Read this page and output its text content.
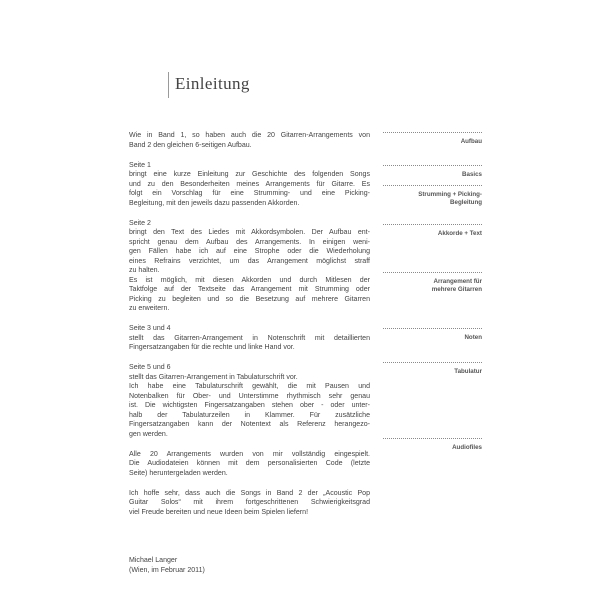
Einleitung

Wie in Band 1, so haben auch die 20 Gitarren-Arrangements von
Band 2 den gleichen 6-seitigen Aufbau.

Seite 1
bringt eine kurze Einleitung zur Geschichte des folgenden Songs
und zu den Besonderheiten meines Arrangements für Gitarre. Es
folgt ein Vorschlag für eine Strumming- und eine Picking-
Begleitung, mit den jeweils dazu passenden Akkorden.

Seite 2
bringt den Text des Liedes mit Akkordsymbolen. Der Aufbau ent-
spricht genau dem Aufbau des Arrangements. In einigen weni-
gen Fällen habe ich auf eine Strophe oder die Wiederholung
eines Refrains verzichtet, um das Arrangement möglichst straff
zu halten.
Es ist möglich, mit diesen Akkorden und durch Mitlesen der
Taktfolge auf der Textseite das Arrangement mit Strumming oder
Picking zu begleiten und so die Besetzung auf mehrere Gitarren
zu erweitern.

Seite 3 und 4
stellt das Gitarren-Arrangement in Notenschrift mit detaillierten
Fingersatzangaben für die rechte und linke Hand vor.

Seite 5 und 6
stellt das Gitarren-Arrangement in Tabulaturschrift vor.
Ich habe eine Tabulaturschrift gewählt, die mit Pausen und
Notenbalken für Ober- und Unterstimme rhythmisch sehr genau
ist. Die wichtigsten Fingersatzangaben stehen ober - oder unter-
halb der Tabulaturzeilen in Klammer. Für zusätzliche
Fingersatzangaben kann der Notentext als Referenz herangezo-
gen werden.

Alle 20 Arrangements wurden von mir vollständig eingespielt.
Die Audiodateien können mit dem personalisierten Code (letzte
Seite) heruntergeladen werden.

Ich hoffe sehr, dass auch die Songs in Band 2 der „Acoustic Pop
Guitar Solos“ mit ihrem fortgeschrittenen Schwierigkeitsgrad
viel Freude bereiten und neue Ideen beim Spielen liefern!

Michael Langer
(Wien, im Februar 2011)
Aufbau
Basics
Strumming + Picking-
Begleitung
Akkorde + Text
Arrangement für
mehrere Gitarren
Noten
Tabulatur
Audiofiles
